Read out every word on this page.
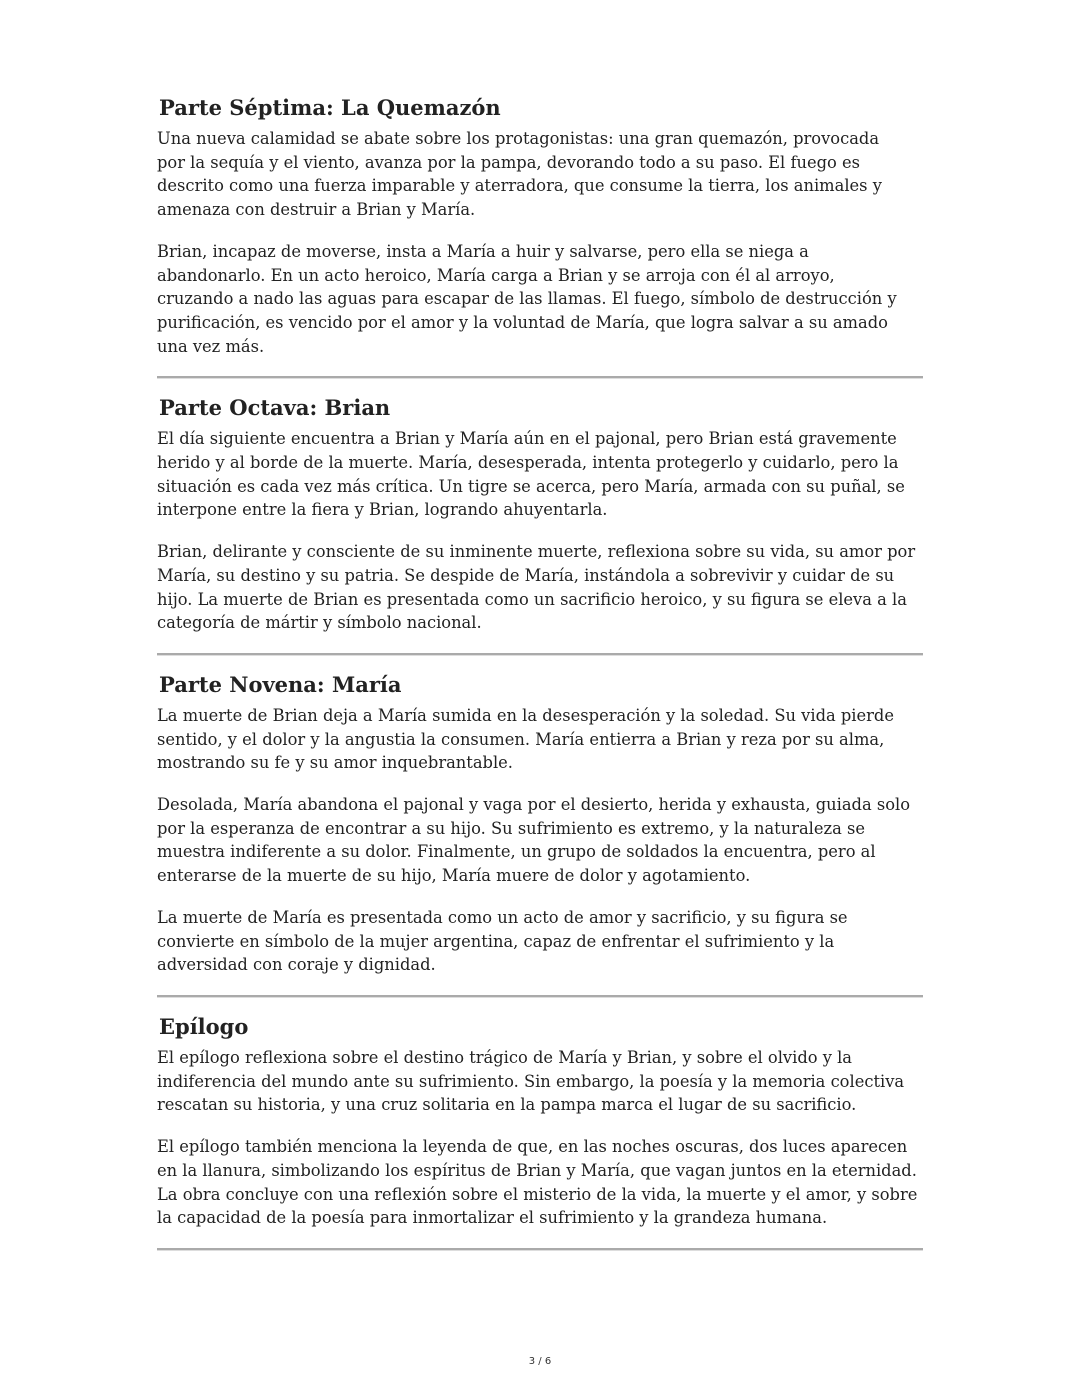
Parte Séptima: La Quemazón
Una nueva calamidad se abate sobre los protagonistas: una gran quemazón, provocada
por la sequía y el viento, avanza por la pampa, devorando todo a su paso. El fuego es
descrito como una fuerza imparable y aterradora, que consume la tierra, los animales y
amenaza con destruir a Brian y María.
Brian, incapaz de moverse, insta a María a huir y salvarse, pero ella se niega a
abandonarlo. En un acto heroico, María carga a Brian y se arroja con él al arroyo,
cruzando a nado las aguas para escapar de las llamas. El fuego, símbolo de destrucción y
purificación, es vencido por el amor y la voluntad de María, que logra salvar a su amado
una vez más.
Parte Octava: Brian
El día siguiente encuentra a Brian y María aún en el pajonal, pero Brian está gravemente
herido y al borde de la muerte. María, desesperada, intenta protegerlo y cuidarlo, pero la
situación es cada vez más crítica. Un tigre se acerca, pero María, armada con su puñal, se
interpone entre la fiera y Brian, logrando ahuyentarla.
Brian, delirante y consciente de su inminente muerte, reflexiona sobre su vida, su amor por
María, su destino y su patria. Se despide de María, instándola a sobrevivir y cuidar de su
hijo. La muerte de Brian es presentada como un sacrificio heroico, y su figura se eleva a la
categoría de mártir y símbolo nacional.
Parte Novena: María
La muerte de Brian deja a María sumida en la desesperación y la soledad. Su vida pierde
sentido, y el dolor y la angustia la consumen. María entierra a Brian y reza por su alma,
mostrando su fe y su amor inquebrantable.
Desolada, María abandona el pajonal y vaga por el desierto, herida y exhausta, guiada solo
por la esperanza de encontrar a su hijo. Su sufrimiento es extremo, y la naturaleza se
muestra indiferente a su dolor. Finalmente, un grupo de soldados la encuentra, pero al
enterarse de la muerte de su hijo, María muere de dolor y agotamiento.
La muerte de María es presentada como un acto de amor y sacrificio, y su figura se
convierte en símbolo de la mujer argentina, capaz de enfrentar el sufrimiento y la
adversidad con coraje y dignidad.
Epílogo
El epílogo reflexiona sobre el destino trágico de María y Brian, y sobre el olvido y la
indiferencia del mundo ante su sufrimiento. Sin embargo, la poesía y la memoria colectiva
rescatan su historia, y una cruz solitaria en la pampa marca el lugar de su sacrificio.
El epílogo también menciona la leyenda de que, en las noches oscuras, dos luces aparecen
en la llanura, simbolizando los espíritus de Brian y María, que vagan juntos en la eternidad.
La obra concluye con una reflexión sobre el misterio de la vida, la muerte y el amor, y sobre
la capacidad de la poesía para inmortalizar el sufrimiento y la grandeza humana.
3 / 6
